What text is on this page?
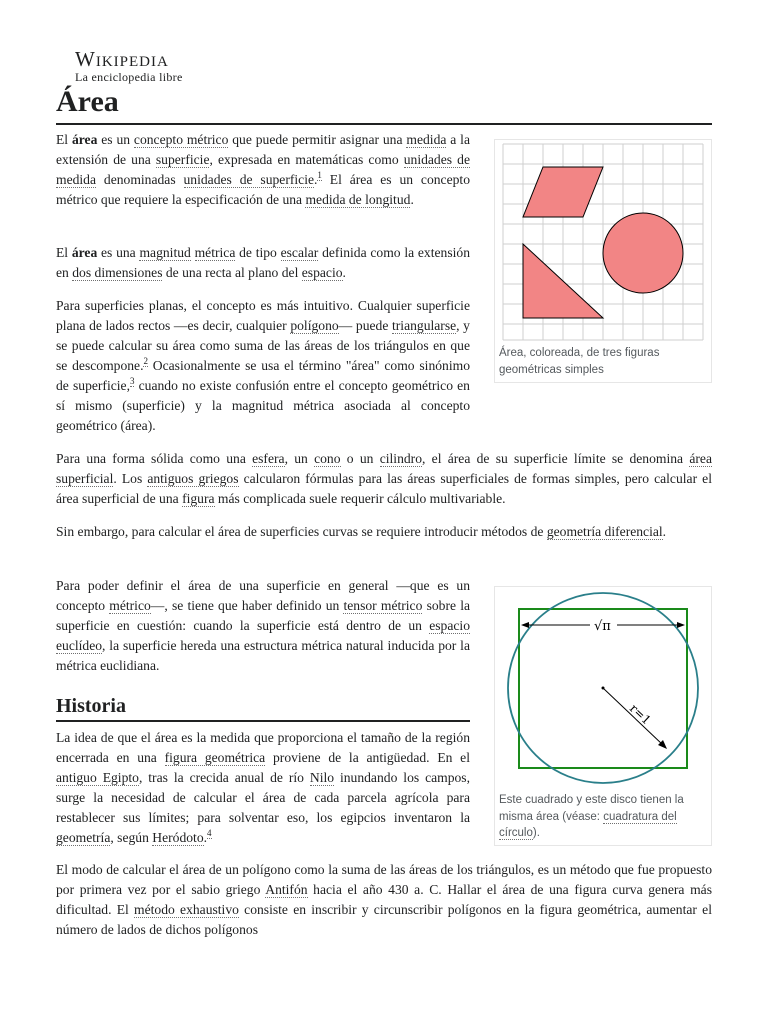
Wikipedia
La enciclopedia libre
Área
Área, coloreada, de tres figuras geométricas simples

El área es un concepto métrico que puede permitir asignar una medida a la extensión de una superficie, expresada en matemáticas como unidades de medida denominadas unidades de superficie.$^1$ El área es un concepto métrico que requiere la especificación de una medida de longitud.

El área es una magnitud métrica de tipo escalar definida como la extensión en dos dimensiones de una recta al plano del espacio.

Para superficies planas, el concepto es más intuitivo. Cualquier superficie plana de lados rectos —es decir, cualquier polígono— puede triangularse, y se puede calcular su área como suma de las áreas de los triángulos en que se descompone.$^2$ Ocasionalmente se usa el término "área" como sinónimo de superficie,$^3$ cuando no existe confusión entre el concepto geométrico en sí mismo (superficie) y la magnitud métrica asociada al concepto geométrico (área).

Para una forma sólida como una esfera, un cono o un cilindro, el área de su superficie límite se denomina área superficial. Los antiguos griegos calcularon fórmulas para las áreas superficiales de formas simples, pero calcular el área superficial de una figura más complicada suele requerir cálculo multivariable.

Sin embargo, para calcular el área de superficies curvas se requiere introducir métodos de geometría diferencial.

√π
r=1
Este cuadrado y este disco tienen la misma área (véase: cuadratura del círculo).

Para poder definir el área de una superficie en general —que es un concepto métrico—, se tiene que haber definido un tensor métrico sobre la superficie en cuestión: cuando la superficie está dentro de un espacio euclídeo, la superficie hereda una estructura métrica natural inducida por la métrica euclidiana.

Historia

La idea de que el área es la medida que proporciona el tamaño de la región encerrada en una figura geométrica proviene de la antigüedad. En el antiguo Egipto, tras la crecida anual de río Nilo inundando los campos, surge la necesidad de calcular el área de cada parcela agrícola para restablecer sus límites; para solventar eso, los egipcios inventaron la geometría, según Heródoto.$^4$

El modo de calcular el área de un polígono como la suma de las áreas de los triángulos, es un método que fue propuesto por primera vez por el sabio griego Antifón hacia el año 430 a. C. Hallar el área de una figura curva genera más dificultad. El método exhaustivo consiste en inscribir y circunscribir polígonos en la figura geométrica, aumentar el número de lados de dichos polígonos
